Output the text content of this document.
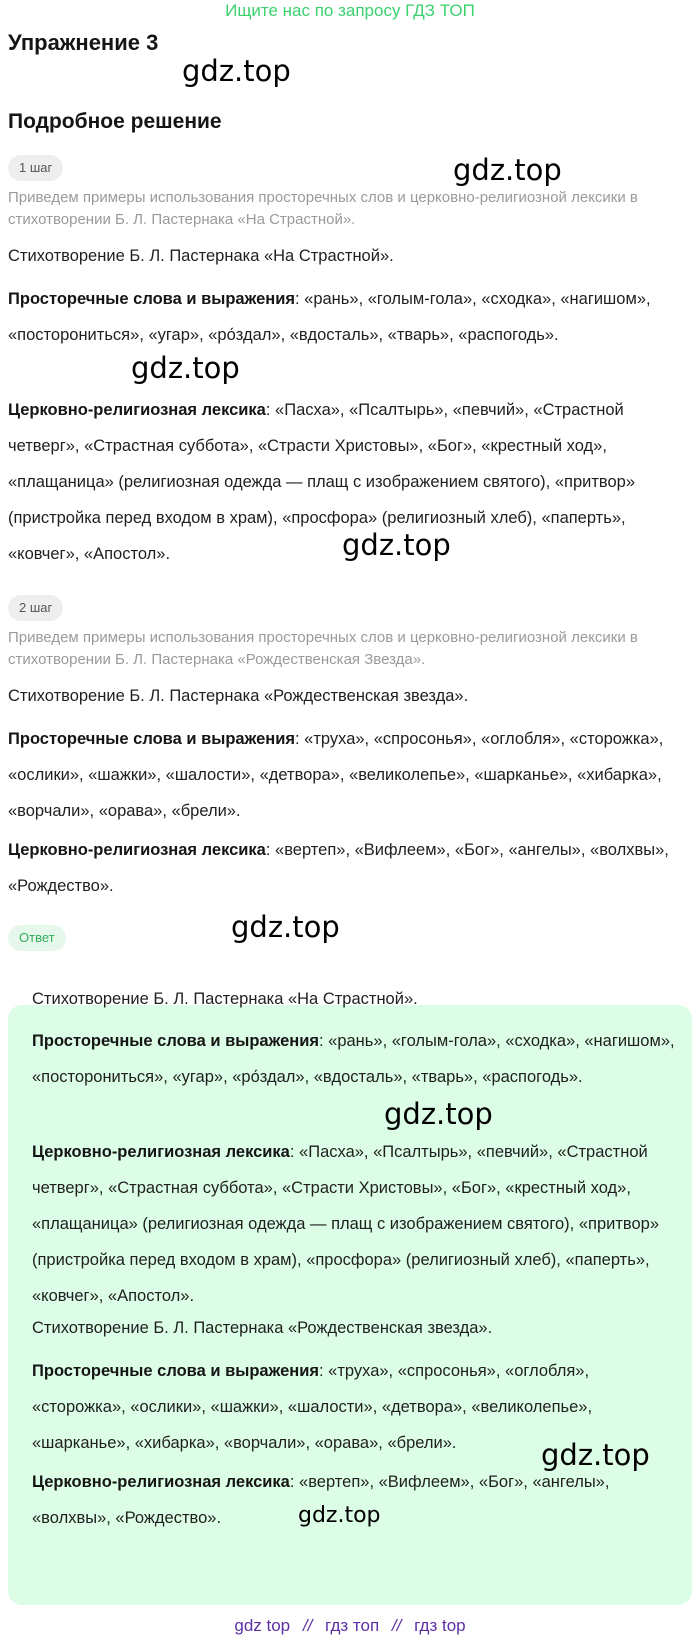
Ищите нас по запросу ГДЗ ТОП
Упражнение 3
gdz.top
Подробное решение
1 шаг	gdz.top

Приведем примеры использования просторечных слов и церковно-религиозной лексики в стихотворении Б. Л. Пастернака «На Страстной».

Стихотворение Б. Л. Пастернака «На Страстной».

Просторечные слова и выражения: «рань», «голым-гола», «сходка», «нагишом», «посторониться», «угар», «ро́здал», «вдосталь», «тварь», «распогодь».

gdz.top

Церковно-религиозная лексика: «Пасха», «Псалтырь», «певчий», «Страстной четверг», «Страстная суббота», «Страсти Христовы», «Бог», «крестный ход», «плащаница» (религиозная одежда — плащ с изображением святого), «притвор» (пристройка перед входом в храм), «просфора» (религиозный хлеб), «паперть», «ковчег», «Апостол».	gdz.top
2 шаг

Приведем примеры использования просторечных слов и церковно-религиозной лексики в стихотворении Б. Л. Пастернака «Рождественская Звезда».

Стихотворение Б. Л. Пастернака «Рождественская звезда».

Просторечные слова и выражения: «труха», «спросонья», «оглобля», «сторожка», «ослики», «шажки», «шалости», «детвора», «великолепье», «шарканье», «хибарка», «ворчали», «орава», «брели».

Церковно-религиозная лексика: «вертеп», «Вифлеем», «Бог», «ангелы», «волхвы», «Рождество».

Ответ	gdz.top

Стихотворение Б. Л. Пастернака «На Страстной».

Просторечные слова и выражения: «рань», «голым-гола», «сходка», «нагишом», «посторониться», «угар», «ро́здал», «вдосталь», «тварь», «распогодь».

Церковно-религиозная лексика: «Пасха», «Псалтырь», «певчий», «Страстной четверг», «Страстная суббота», «Страсти Христовы», «Бог», «крестный ход», «плащаница» (религиозная одежда — плащ с изображением святого), «притвор» (пристройка перед входом в храм), «просфора» (религиозный хлеб), «паперть», «ковчег», «Апостол».

Стихотворение Б. Л. Пастернака «Рождественская звезда».

Просторечные слова и выражения: «труха», «спросонья», «оглобля», «сторожка», «ослики», «шажки», «шалости», «детвора», «великолепье», «шарканье», «хибарка», «ворчали», «орава», «брели».

Церковно-религиозная лексика: «вертеп», «Вифлеем», «Бог», «ангелы», «волхвы», «Рождество».

gdz.top
gdz.top
gdz.top
gdz top // гдз топ // гдз top
